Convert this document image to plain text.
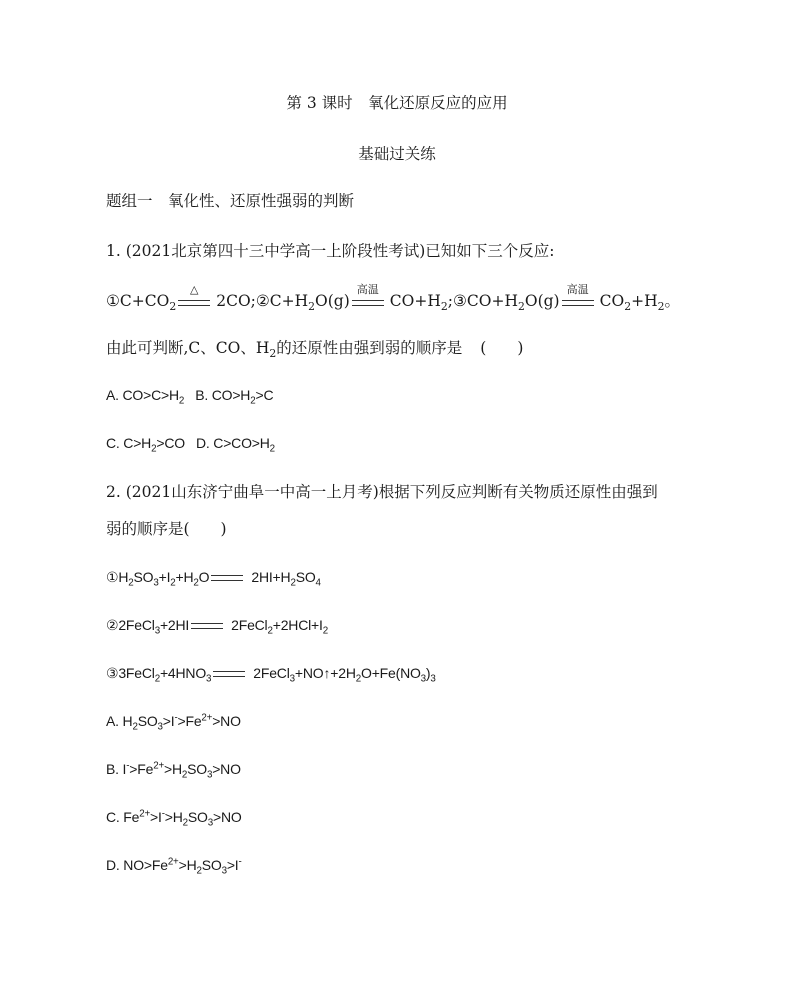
第 3 课时　氧化还原反应的应用
基础过关练
题组一　氧化性、还原性强弱的判断
1. (2021北京第四十三中学高一上阶段性考试)已知如下三个反应:
$①C+CO_2$
△
$2CO;②C+H_2O(g)$
高温
$CO+H_2;③CO+H_2O(g)$
高温
$CO_2+H_2$。
由此可判断,C、CO、$H_2$的还原性由强到弱的顺序是 (　　)
A. $CO>C>H_2$ B. $CO>H_2>C$
C. $C>H_2>CO$ D. $C>CO>H_2$
2. (2021山东济宁曲阜一中高一上月考)根据下列反应判断有关物质还原性由强到
弱的顺序是(　　)
$①H_2SO_3+I_2+H_2O$	$2HI+H_2SO_4$
②2FeCl$_3$+2HI	$2FeCl_2+2HCl+I_2$
$③3FeCl_2+4HNO_3$	$2FeCl_3+NO↑+2H_2O+Fe(NO_3)_3$
A. $H_2SO_3>I^->Fe^{2+}>NO$
B. $I^->Fe^{2+}>H_2SO_3>NO$
C. $Fe^{2+}>I^->H_2SO_3>NO$
D. $NO>Fe^{2+}>H_2SO_3>I^-$
